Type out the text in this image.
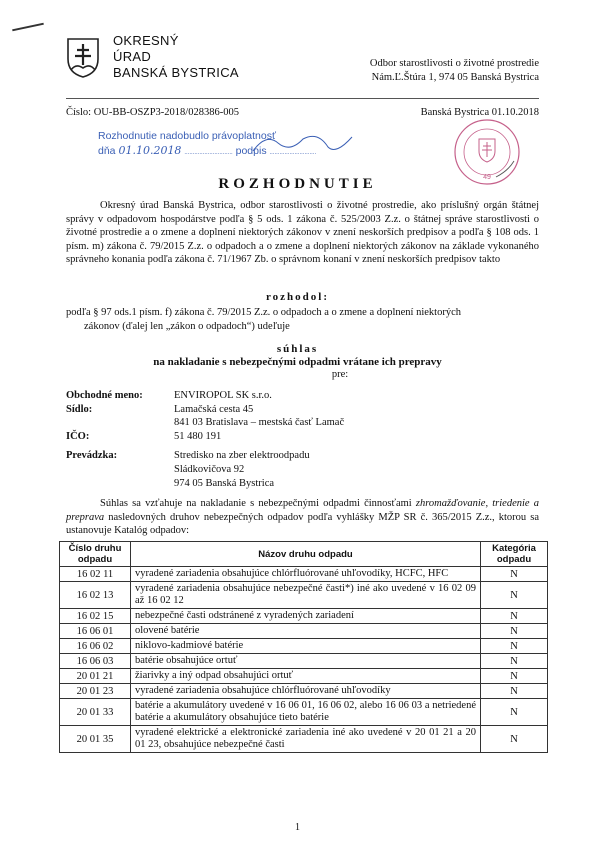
OKRESNÝ
ÚRAD
BANSKÁ BYSTRICA
Odbor starostlivosti o životné prostredie
Nám.Ľ.Štúra 1, 974 05 Banská Bystrica
Číslo: OU-BB-OSZP3-2018/028386-005	Banská Bystrica 01.10.2018
Rozhodnutie nadobudlo právoplatnosť
dňa 01.10.2018 ............................. podpis ............................
49
ROZHODNUTIE
Okresný úrad Banská Bystrica, odbor starostlivosti o životné prostredie, ako príslušný orgán štátnej správy v odpadovom hospodárstve podľa § 5 ods. 1 zákona č. 525/2003 Z.z. o štátnej správe starostlivosti o životné prostredie a o zmene a doplnení niektorých zákonov v znení neskorších predpisov a podľa § 108 ods. 1 písm. m) zákona č. 79/2015 Z.z. o odpadoch a o zmene a doplnení niektorých zákonov na základe vykonaného správneho konania podľa zákona č. 71/1967 Zb. o správnom konaní v znení neskorších predpisov takto
rozhodol:
podľa § 97 ods.1 písm. f) zákona č. 79/2015 Z.z. o odpadoch a o zmene a doplnení niektorých
zákonov (ďalej len „zákon o odpadoch“) udeľuje
súhlas
na nakladanie s nebezpečnými odpadmi vrátane ich prepravy
pre:
Obchodné meno:	ENVIROPOL SK s.r.o.
Sídlo:	Lamačská cesta 45
841 03 Bratislava – mestská časť Lamač
IČO:	51 480 191
Prevádzka:	Stredisko na zber elektroodpadu
Sládkovičova 92
974 05 Banská Bystrica
Súhlas sa vzťahuje na nakladanie s nebezpečnými odpadmi činnosťami zhromažďovanie, triedenie a preprava nasledovných druhov nebezpečných odpadov podľa vyhlášky MŽP SR č. 365/2015 Z.z., ktorou sa ustanovuje Katalóg odpadov:
Číslo druhu odpadu	Názov druhu odpadu	Kategória odpadu
16 02 11	vyradené zariadenia obsahujúce chlórfluórované uhľovodíky, HCFC, HFC	N
16 02 13	vyradené zariadenia obsahujúce nebezpečné časti*) iné ako uvedené v 16 02 09 až 16 02 12	N
16 02 15	nebezpečné časti odstránené z vyradených zariadení	N
16 06 01	olovené batérie	N
16 06 02	niklovo-kadmiové batérie	N
16 06 03	batérie obsahujúce ortuť	N
20 01 21	žiarivky a iný odpad obsahujúci ortuť	N
20 01 23	vyradené zariadenia obsahujúce chlórfluórované uhľovodíky	N
20 01 33	batérie a akumulátory uvedené v 16 06 01, 16 06 02, alebo 16 06 03 a netriedené batérie a akumulátory obsahujúce tieto batérie	N
20 01 35	vyradené elektrické a elektronické zariadenia iné ako uvedené v 20 01 21 a 20 01 23, obsahujúce nebezpečné časti	N
1
